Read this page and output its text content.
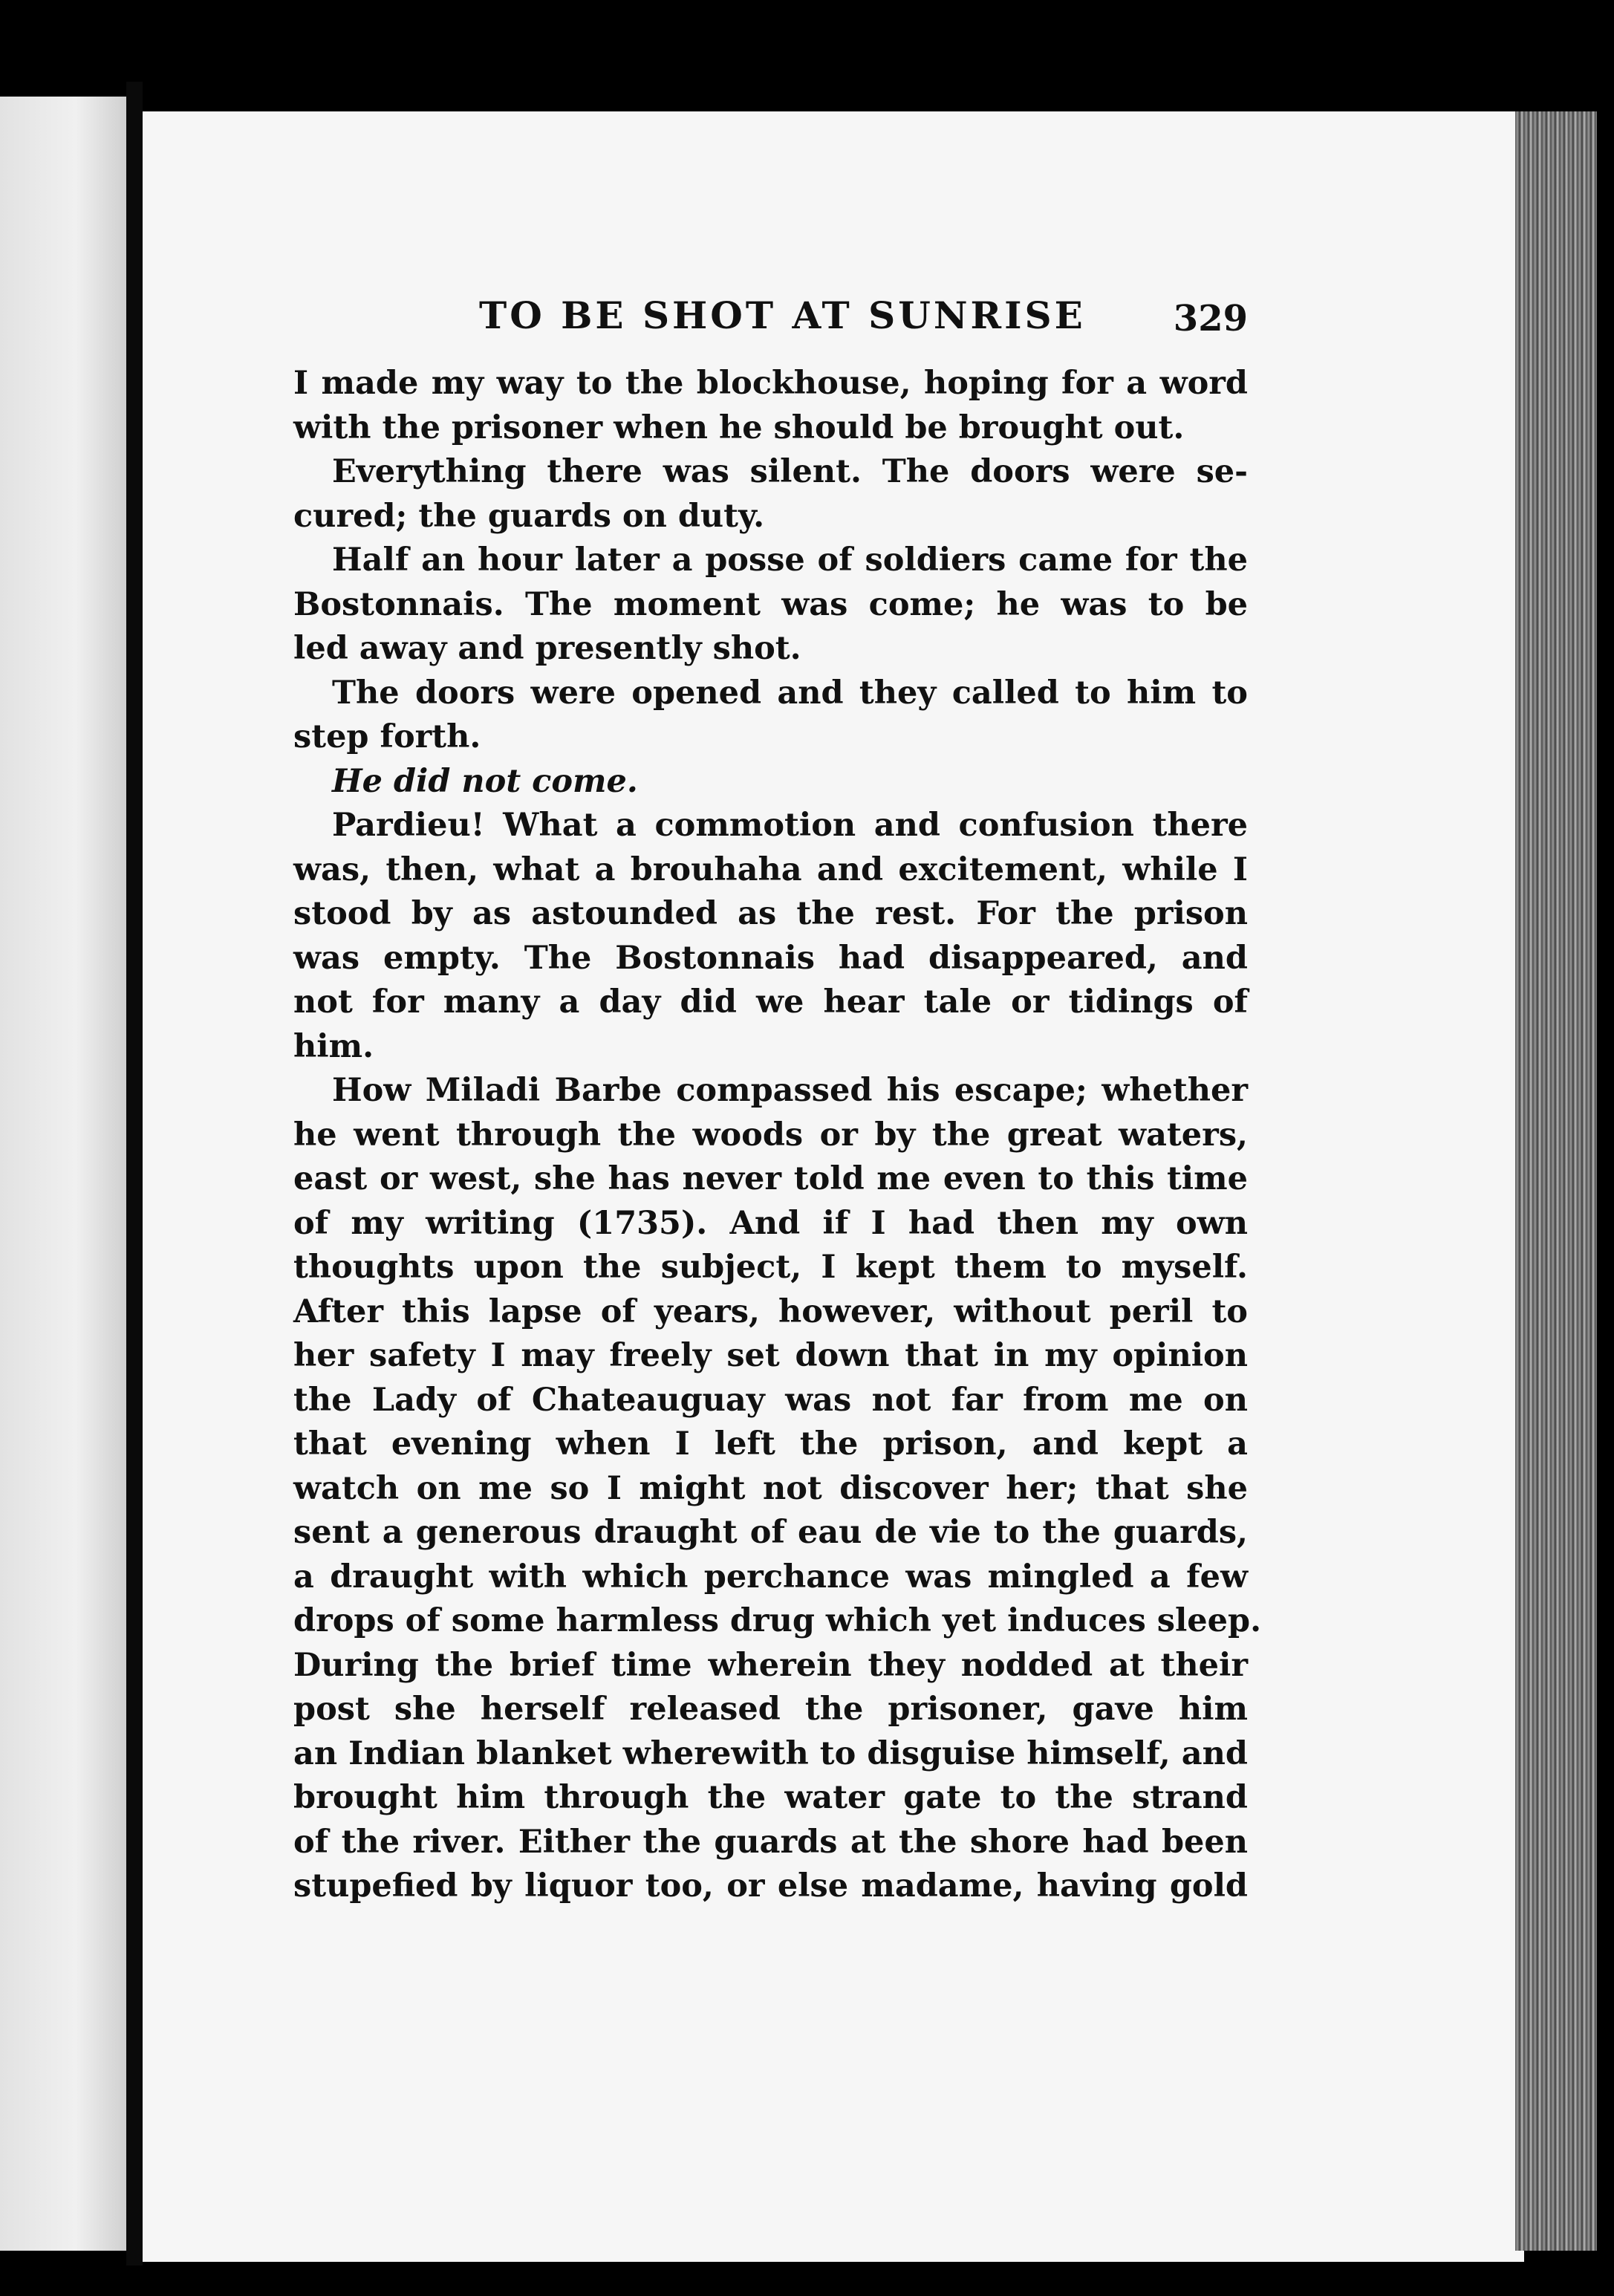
TO BE SHOT AT SUNRISE 329
I made my way to the blockhouse, hoping for a word
with the prisoner when he should be brought out.
Everything there was silent. The doors were se-
cured; the guards on duty.
Half an hour later a posse of soldiers came for the
Bostonnais. The moment was come; he was to be
led away and presently shot.
The doors were opened and they called to him to
step forth.
He did not come.
Pardieu! What a commotion and confusion there
was, then, what a brouhaha and excitement, while I
stood by as astounded as the rest. For the prison
was empty. The Bostonnais had disappeared, and
not for many a day did we hear tale or tidings of
him.
How Miladi Barbe compassed his escape; whether
he went through the woods or by the great waters,
east or west, she has never told me even to this time
of my writing (1735). And if I had then my own
thoughts upon the subject, I kept them to myself.
After this lapse of years, however, without peril to
her safety I may freely set down that in my opinion
the Lady of Chateauguay was not far from me on
that evening when I left the prison, and kept a
watch on me so I might not discover her; that she
sent a generous draught of eau de vie to the guards,
a draught with which perchance was mingled a few
drops of some harmless drug which yet induces sleep.
During the brief time wherein they nodded at their
post she herself released the prisoner, gave him
an Indian blanket wherewith to disguise himself, and
brought him through the water gate to the strand
of the river. Either the guards at the shore had been
stupefied by liquor too, or else madame, having gold
